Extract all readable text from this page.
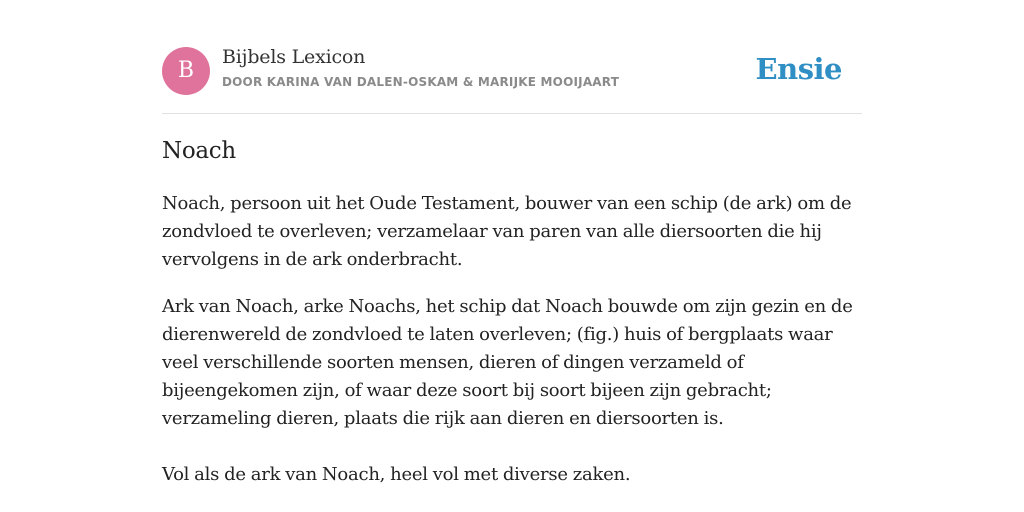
B
Bijbels Lexicon
DOOR KARINA VAN DALEN-OSKAM & MARIJKE MOOIJAART	Ensie
Noach

Noach, persoon uit het Oude Testament, bouwer van een schip (de ark) om de zondvloed te overleven; verzamelaar van paren van alle diersoorten die hij vervolgens in de ark onderbracht.

Ark van Noach, arke Noachs, het schip dat Noach bouwde om zijn gezin en de dierenwereld de zondvloed te laten overleven; (fig.) huis of bergplaats waar veel verschillende soorten mensen, dieren of dingen verzameld of bijeengekomen zijn, of waar deze soort bij soort bijeen zijn gebracht; verzameling dieren, plaats die rijk aan dieren en diersoorten is.

Vol als de ark van Noach, heel vol met diverse zaken.
